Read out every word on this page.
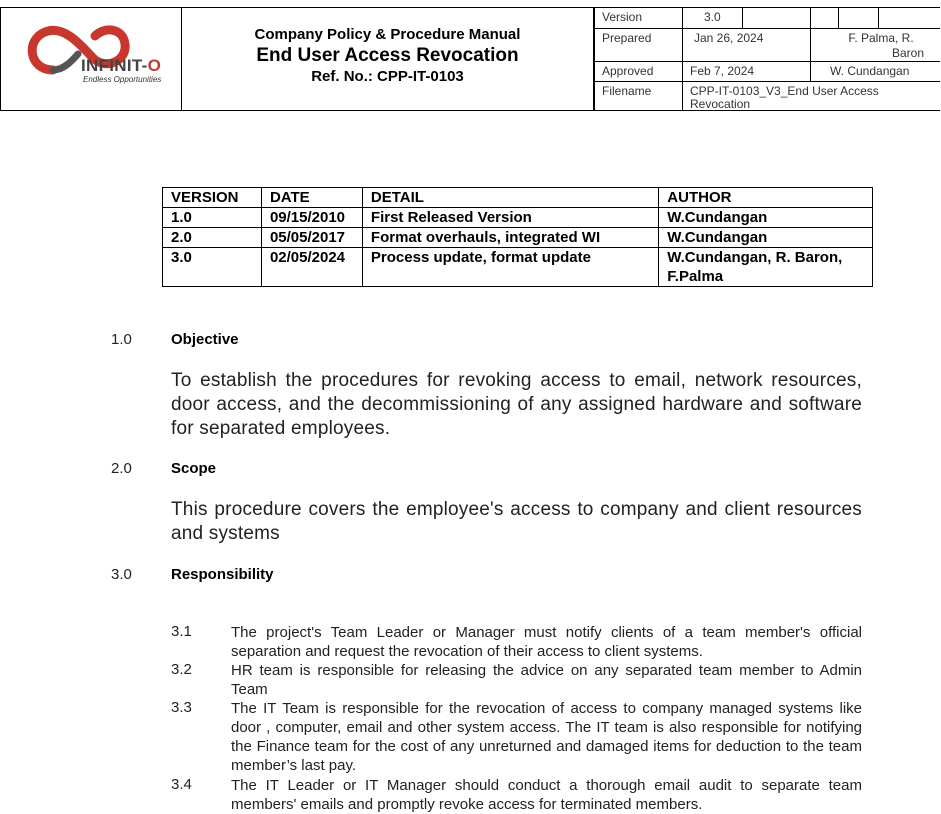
INFINIT-O
Endless Opportunities
Company Policy & Procedure Manual
End User Access Revocation
Ref. No.: CPP-IT-0103
Version	3.0
Prepared	Jan 26, 2024	F. Palma, R.
Baron
Approved	Feb 7, 2024	W. Cundangan
Filename	CPP-IT-0103_V3_End User Access
Revocation
VERSION	DATE	DETAIL	AUTHOR
1.0	09/15/2010	First Released Version	W.Cundangan
2.0	05/05/2017	Format overhauls, integrated WI	W.Cundangan
3.0	02/05/2024	Process update, format update	W.Cundangan, R. Baron,
F.Palma
1.0	Objective
To establish the procedures for revoking access to email, network resources, door access, and the decommissioning of any assigned hardware and software for separated employees.
2.0	Scope
This procedure covers the employee's access to company and client resources and systems
3.0	Responsibility
3.1	The project's Team Leader or Manager must notify clients of a team member's official separation and request the revocation of their access to client systems.
3.2	HR team is responsible for releasing the advice on any separated team member to Admin Team
3.3	The IT Team is responsible for the revocation of access to company managed systems like door , computer, email and other system access. The IT team is also responsible for notifying the Finance team for the cost of any unreturned and damaged items for deduction to the team member’s last pay.
3.4	The IT Leader or IT Manager should conduct a thorough email audit to separate team members' emails and promptly revoke access for terminated members.
